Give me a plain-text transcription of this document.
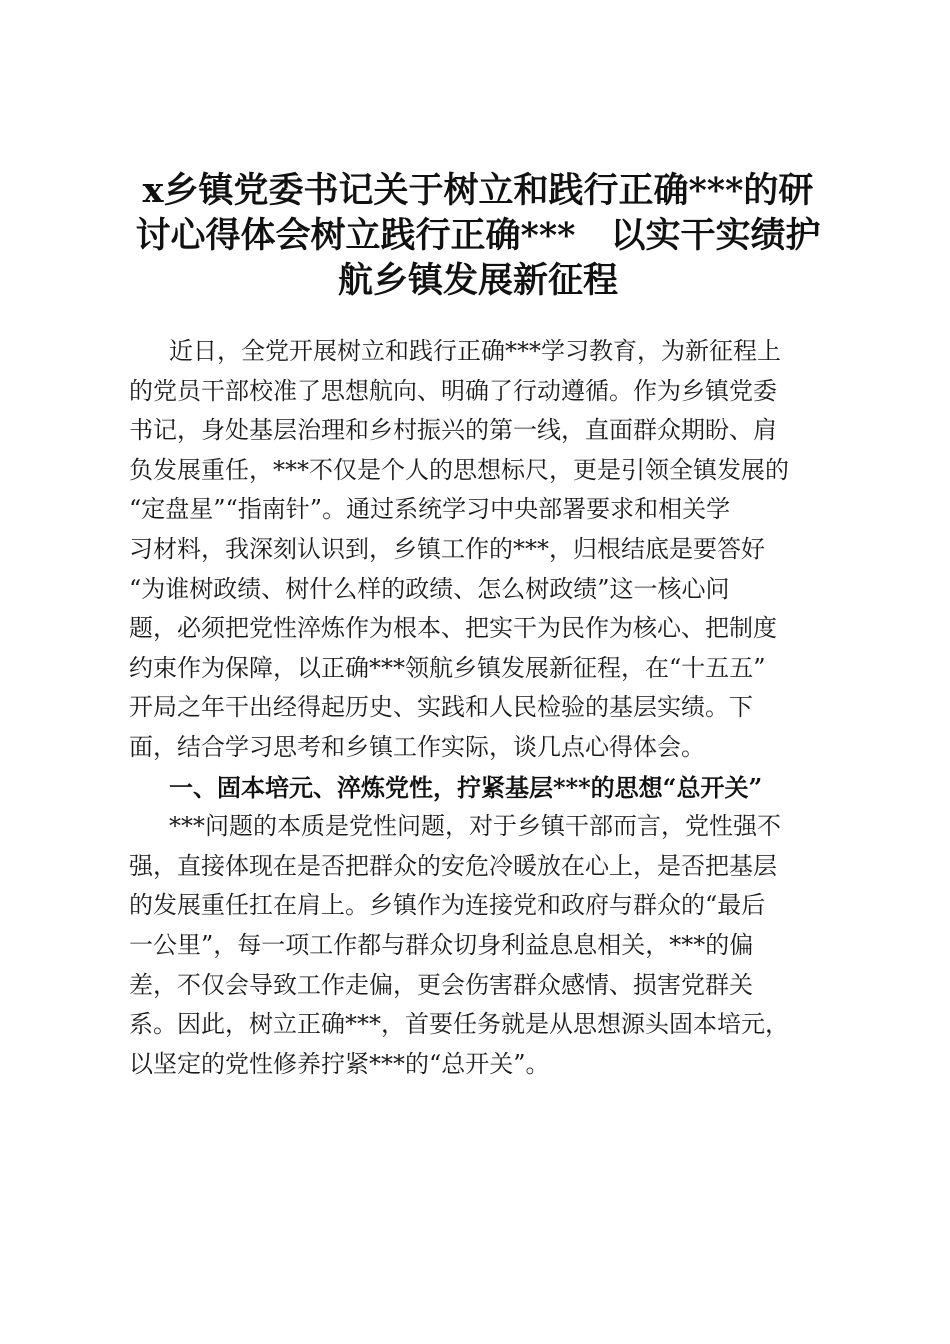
x乡镇党委书记关于树立和践行正确***的研
讨心得体会树立践行正确***　以实干实绩护
航乡镇发展新征程
近日，全党开展树立和践行正确***学习教育，为新征程上
的党员干部校准了思想航向、明确了行动遵循。作为乡镇党委
书记，身处基层治理和乡村振兴的第一线，直面群众期盼、肩
负发展重任，***不仅是个人的思想标尺，更是引领全镇发展的
“定盘星”“指南针”。通过系统学习中央部署要求和相关学
习材料，我深刻认识到，乡镇工作的***，归根结底是要答好
“为谁树政绩、树什么样的政绩、怎么树政绩”这一核心问
题，必须把党性淬炼作为根本、把实干为民作为核心、把制度
约束作为保障，以正确***领航乡镇发展新征程，在“十五五”
开局之年干出经得起历史、实践和人民检验的基层实绩。下
面，结合学习思考和乡镇工作实际，谈几点心得体会。
一、固本培元、淬炼党性，拧紧基层***的思想“总开关”
***问题的本质是党性问题，对于乡镇干部而言，党性强不
强，直接体现在是否把群众的安危冷暖放在心上，是否把基层
的发展重任扛在肩上。乡镇作为连接党和政府与群众的“最后
一公里”，每一项工作都与群众切身利益息息相关，***的偏
差，不仅会导致工作走偏，更会伤害群众感情、损害党群关
系。因此，树立正确***，首要任务就是从思想源头固本培元，
以坚定的党性修养拧紧***的“总开关”。
